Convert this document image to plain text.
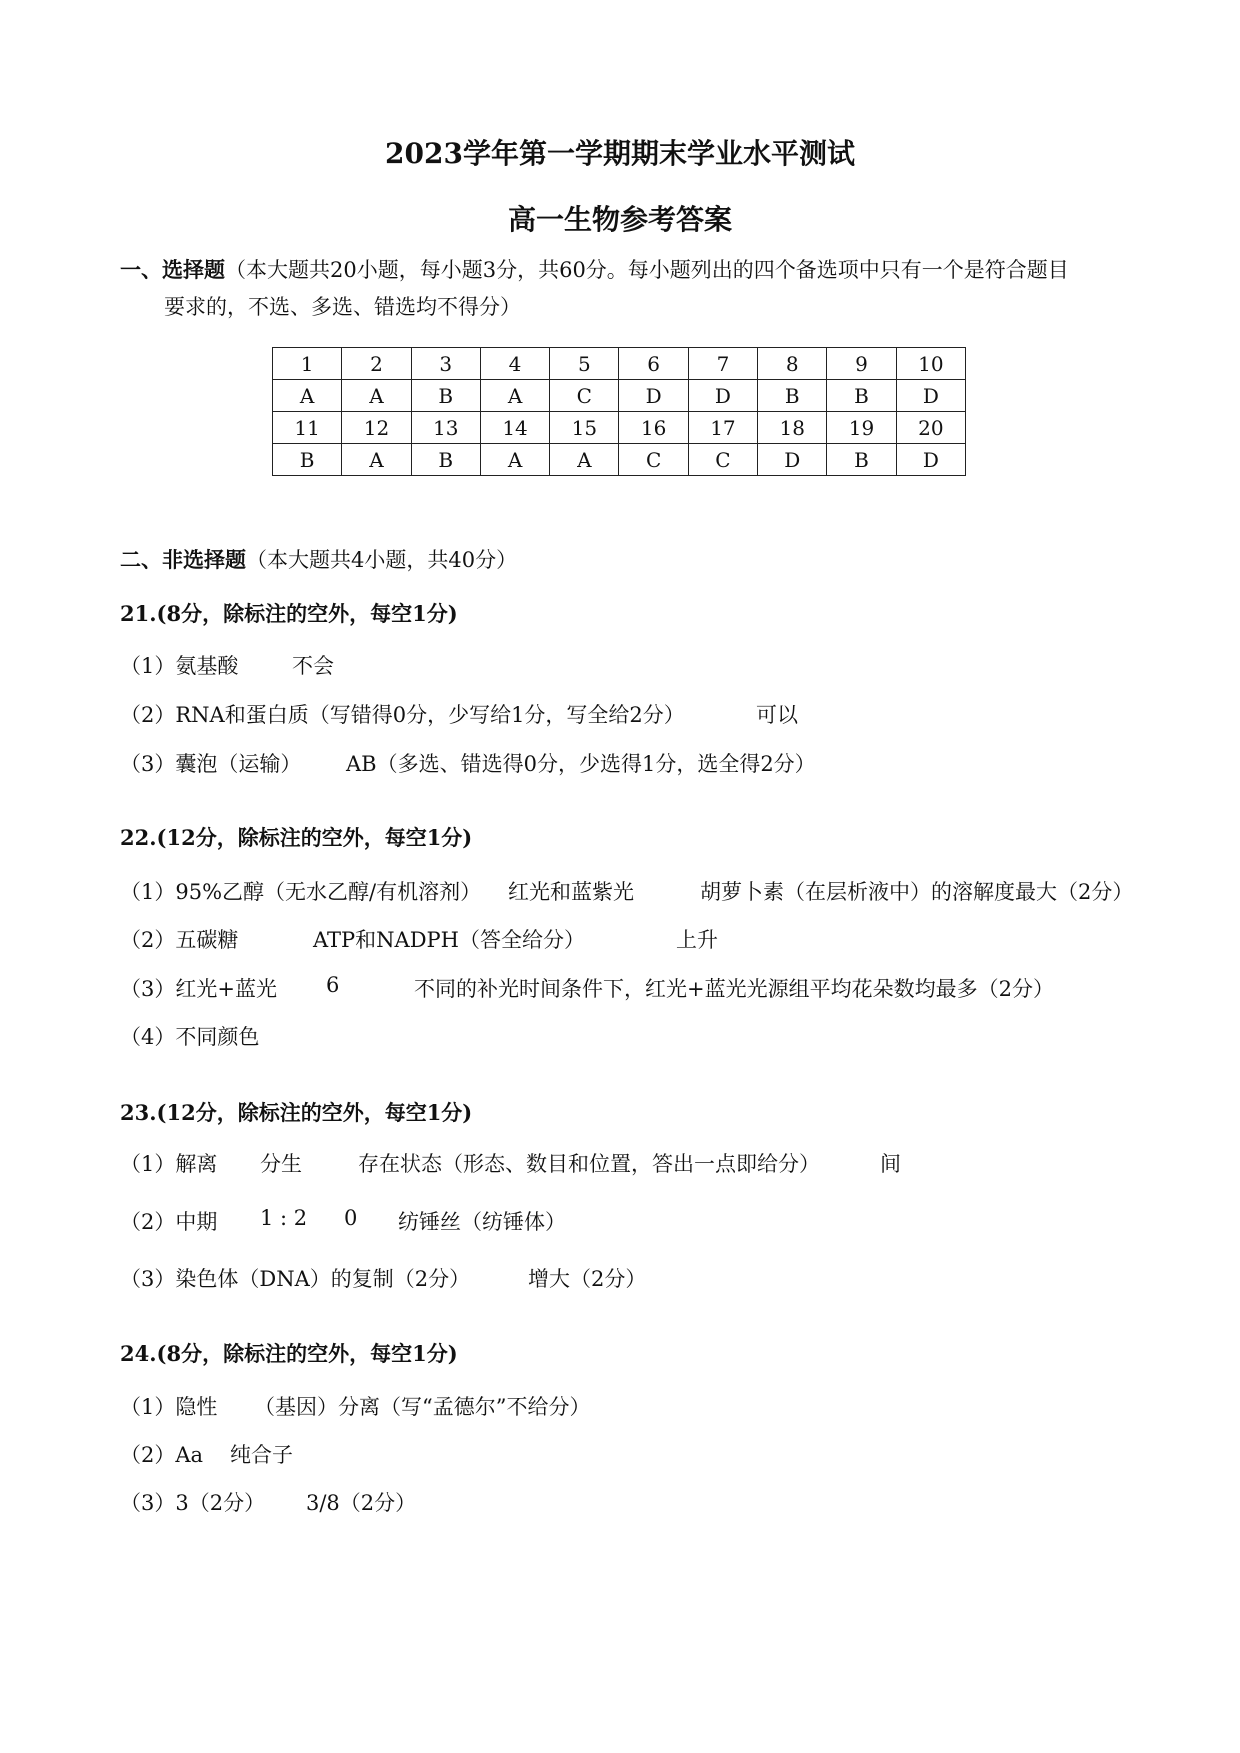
2023学年第一学期期末学业水平测试
高一生物参考答案
一、选择题（本大题共20小题，每小题3分，共60分。每小题列出的四个备选项中只有一个是符合题目
要求的，不选、多选、错选均不得分）
1	2	3	4	5	6	7	8	9	10
A	A	B	A	C	D	D	B	B	D
11	12	13	14	15	16	17	18	19	20
B	A	B	A	A	C	C	D	B	D
二、非选择题（本大题共4小题，共40分）
21.(8分，除标注的空外，每空1分)
（1）氨基酸	不会
（2）RNA和蛋白质（写错得0分，少写给1分，写全给2分）	可以
（3）囊泡（运输） AB（多选、错选得0分，少选得1分，选全得2分）
22.(12分，除标注的空外，每空1分)
（1）95%乙醇（无水乙醇/有机溶剂） 红光和蓝紫光	胡萝卜素（在层析液中）的溶解度最大（2分）
（2）五碳糖	ATP和NADPH（答全给分）	上升
（3）红光+蓝光 6	不同的补光时间条件下，红光+蓝光光源组平均花朵数均最多（2分）
（4）不同颜色
23.(12分，除标注的空外，每空1分)
（1）解离 分生	存在状态（形态、数目和位置，答出一点即给分）	间
（2）中期 1 : 2 0 纺锤丝（纺锤体）
（3）染色体（DNA）的复制（2分）	增大（2分）
24.(8分，除标注的空外，每空1分)
（1）隐性 （基因）分离（写“孟德尔”不给分）
（2）Aa 纯合子
（3）3（2分） 3/8（2分）
